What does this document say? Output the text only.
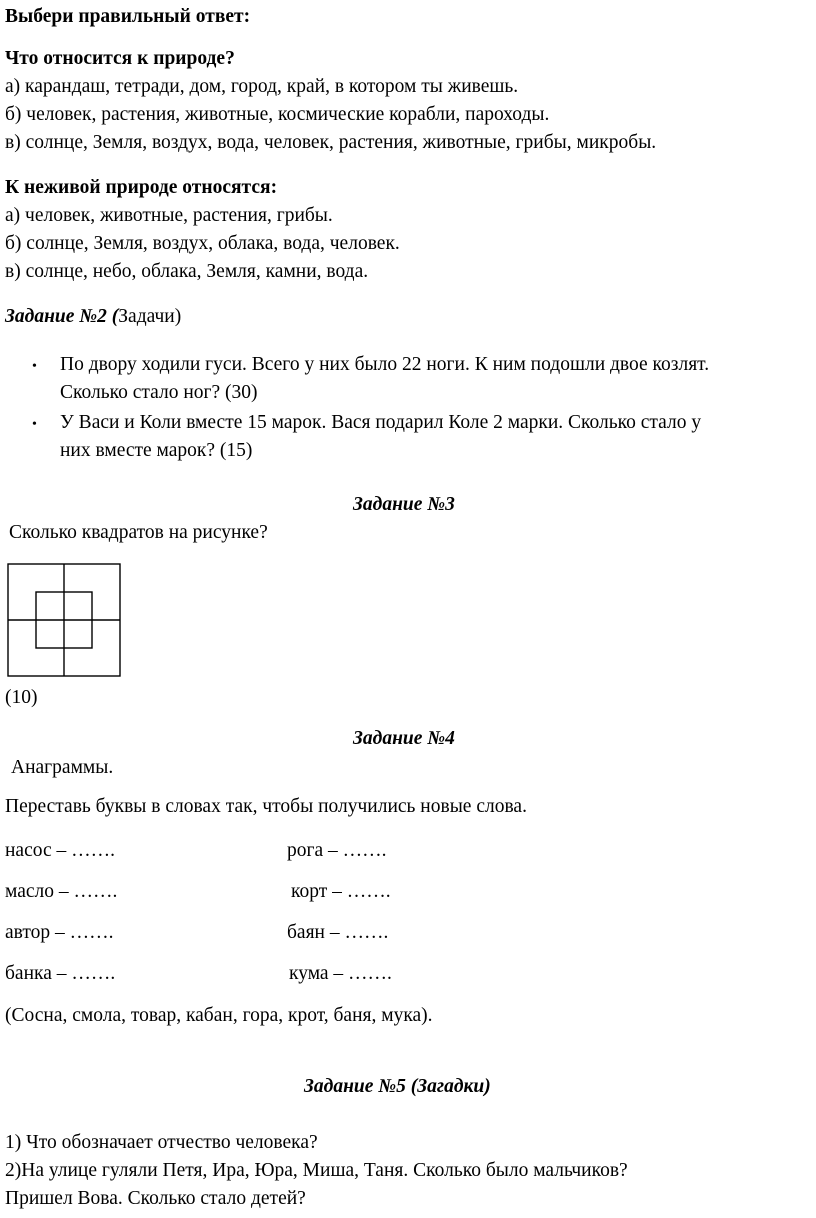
Выбери правильный ответ:
Что относится к природе?
а) карандаш, тетради, дом, город, край, в котором ты живешь.
б) человек, растения, животные, космические корабли, пароходы.
в) солнце, Земля, воздух, вода, человек, растения, животные, грибы, микробы.
К неживой природе относятся:
а) человек, животные, растения, грибы.
б) солнце, Земля, воздух, облака, вода, человек.
в) солнце, небо, облака, Земля, камни, вода.
Задание №2 (Задачи)
• По двору ходили гуси. Всего у них было 22 ноги. К ним подошли двое козлят.
Сколько стало ног? (30)
• У Васи и Коли вместе 15 марок. Вася подарил Коле 2 марки. Сколько стало у
них вместе марок? (15)
Задание №3
Сколько квадратов на рисунке?
(10)
Задание №4
Анаграммы.
Переставь буквы в словах так, чтобы получились новые слова.
насос – …….	рога – …….
масло – …….	корт – …….
автор – …….	баян – …….
банка – …….	кума – …….
(Сосна, смола, товар, кабан, гора, крот, баня, мука).
Задание №5 (Загадки)
1) Что обозначает отчество человека?
2)На улице гуляли Петя, Ира, Юра, Миша, Таня. Сколько было мальчиков?
Пришел Вова. Сколько стало детей?
